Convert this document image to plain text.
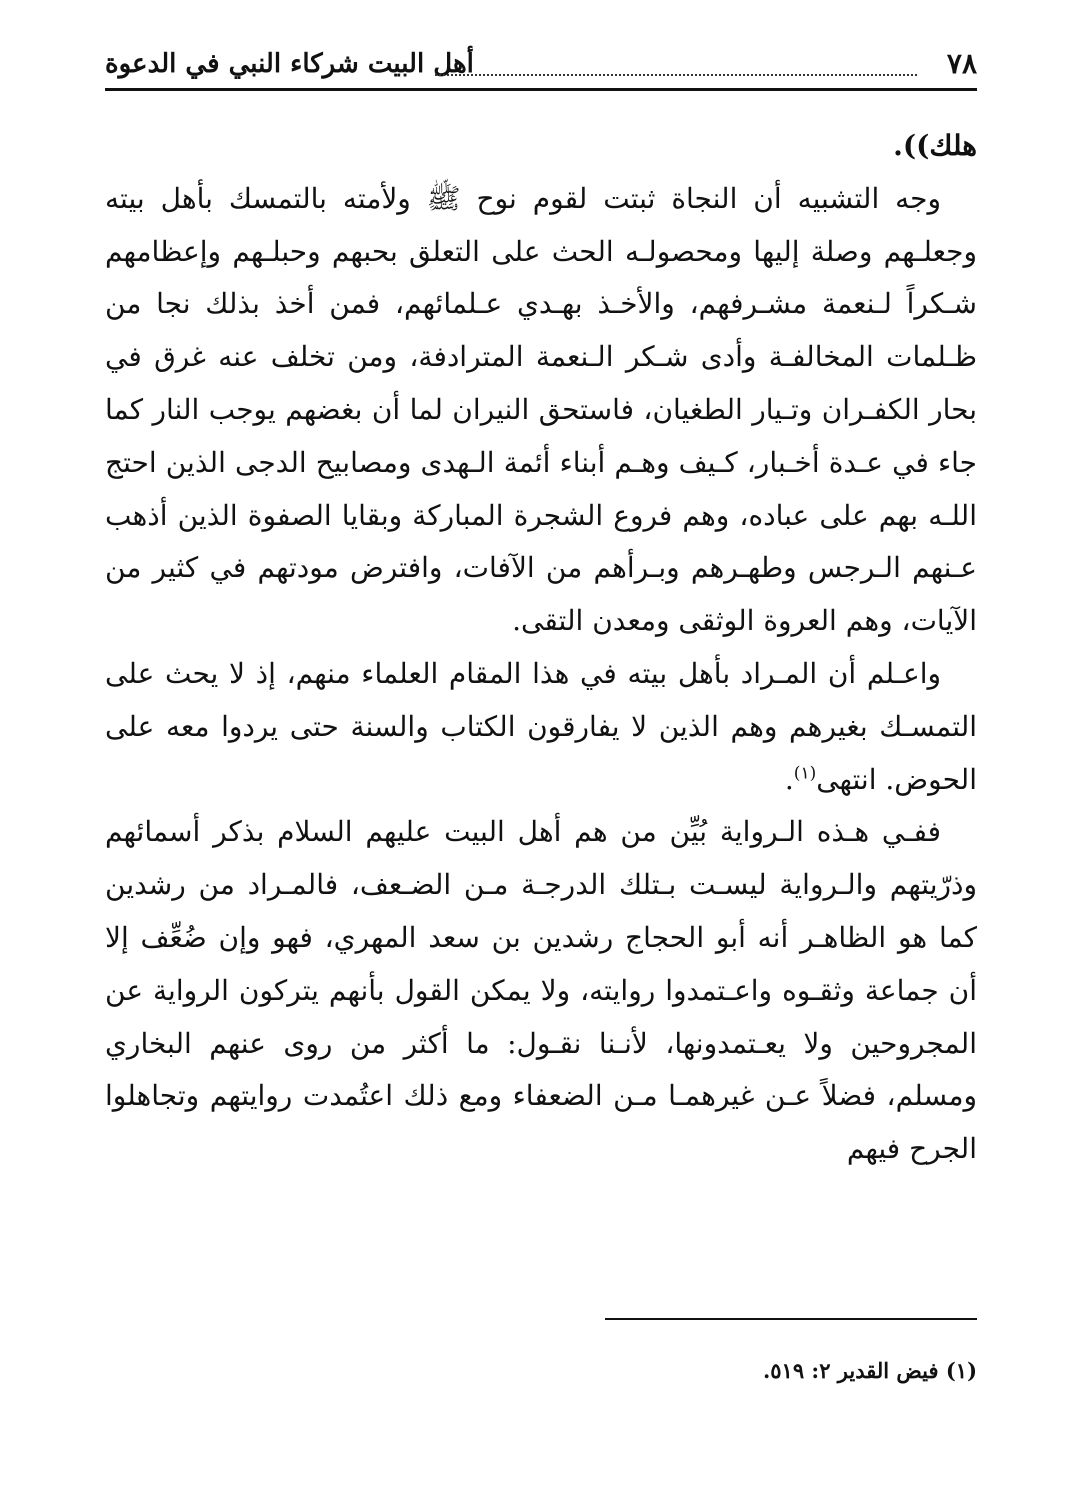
٧٨
أهل البيت شركاء النبي في الدعوة

هلك)).

وجه التشبيه أن النجاة ثبتت لقوم نوح ﷺ ولأمته بالتمسك بأهل بيته وجعلـهم وصلة إليها ومحصولـه الحث على التعلق بحبهم وحبلـهم وإعظامهم شـكراً لـنعمة مشـرفهم، والأخـذ بهـدي عـلمائهم، فمن أخذ بذلك نجا من ظـلمات المخالفـة وأدى شـكر الـنعمة المترادفة، ومن تخلف عنه غرق في بحار الكفـران وتـيار الطغيان، فاستحق النيران لما أن بغضهم يوجب النار كما جاء في عـدة أخـبار، كـيف وهـم أبناء أئمة الـهدى ومصابيح الدجى الذين احتج اللـه بهم على عباده، وهم فروع الشجرة المباركة وبقايا الصفوة الذين أذهب عـنهم الـرجس وطهـرهم وبـرأهم من الآفات، وافترض مودتهم في كثير من الآيات، وهم العروة الوثقى ومعدن التقى.

واعـلم أن المـراد بأهل بيته في هذا المقام العلماء منهم، إذ لا يحث على التمسـك بغيرهم وهم الذين لا يفارقون الكتاب والسنة حتى يردوا معه على الحوض. انتهى$^{(١)}$.

ففـي هـذه الـرواية بُيِّن من هم أهل البيت عليهم السلام بذكر أسمائهم وذرّيتهم والـرواية ليسـت بـتلك الدرجـة مـن الضـعف، فالمـراد من رشدين كما هو الظاهـر أنه أبو الحجاج رشدين بن سعد المهري، فهو وإن ضُعِّف إلا أن جماعة وثقـوه واعـتمدوا روايته، ولا يمكن القول بأنهم يتركون الرواية عن المجروحين ولا يعـتمدونها، لأنـنا نقـول: ما أكثر من روى عنهم البخاري ومسلم، فضلاً عـن غيرهمـا مـن الضعفاء ومع ذلك اعتُمدت روايتهم وتجاهلوا الجرح فيهم

(١) فيض القدير ٢: ٥١٩.
